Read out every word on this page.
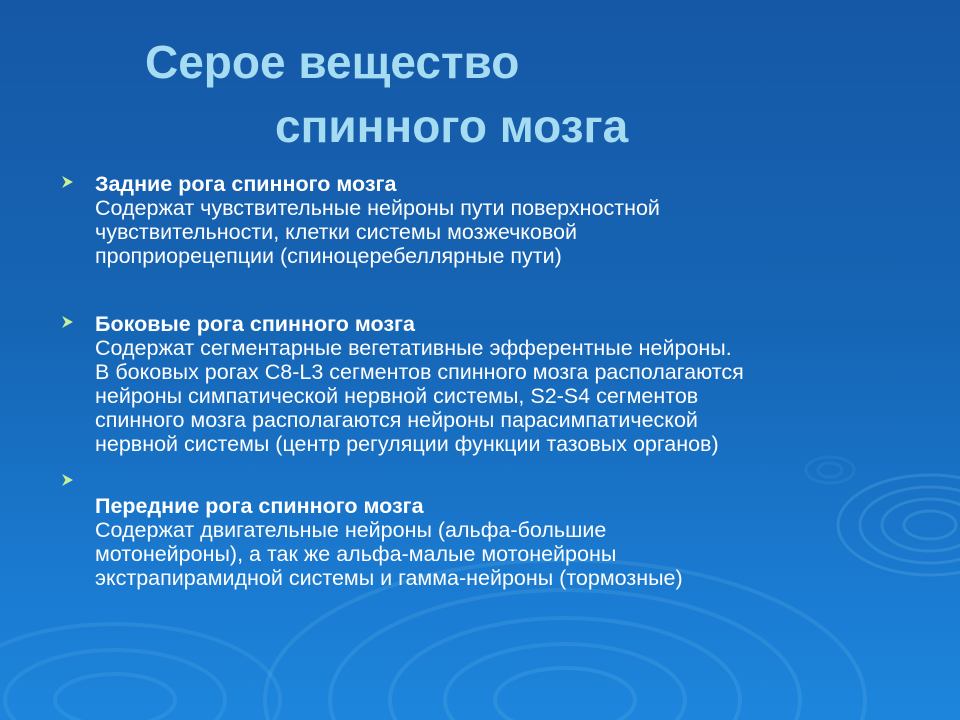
Серое вещество
спинного мозга
Задние рога спинного мозга
Содержат чувствительные нейроны пути поверхностной
чувствительности, клетки системы мозжечковой
проприорецепции (спиноцеребеллярные пути)
Боковые рога спинного мозга
Содержат сегментарные вегетативные эфферентные нейроны.
В боковых рогах С8-L3 сегментов спинного мозга располагаются
нейроны симпатической нервной системы, S2-S4 сегментов
спинного мозга располагаются нейроны парасимпатической
нервной системы (центр регуляции функции тазовых органов)
Передние рога спинного мозга
Содержат двигательные нейроны (альфа-большие
мотонейроны), а так же альфа-малые мотонейроны
экстрапирамидной системы и гамма-нейроны (тормозные)
